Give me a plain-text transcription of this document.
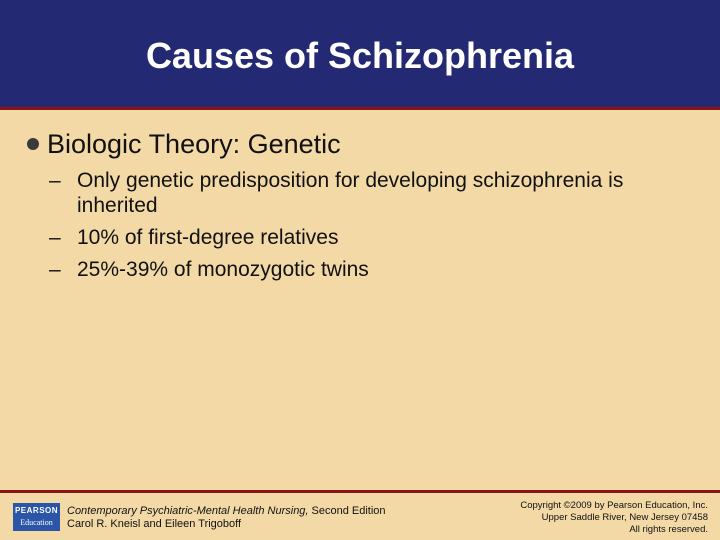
Causes of Schizophrenia
Biologic Theory: Genetic
– Only genetic predisposition for developing schizophrenia is inherited
– 10% of first-degree relatives
– 25%-39% of monozygotic twins
PEARSON
Education
Contemporary Psychiatric-Mental Health Nursing, Second Edition
Carol R. Kneisl and Eileen Trigoboff
Copyright ©2009 by Pearson Education, Inc.
Upper Saddle River, New Jersey 07458
All rights reserved.
